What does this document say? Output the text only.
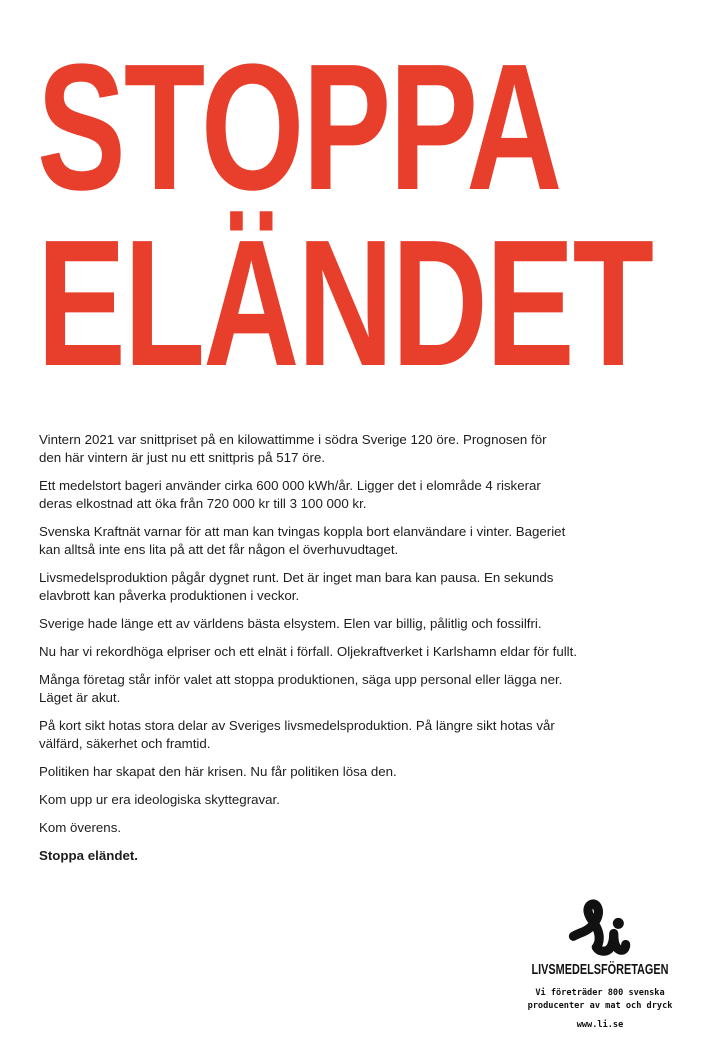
STOPPA
ELÄNDET

Vintern 2021 var snittpriset på en kilowattimme i södra Sverige 120 öre. Prognosen för
den här vintern är just nu ett snittpris på 517 öre.

Ett medelstort bageri använder cirka 600 000 kWh/år. Ligger det i elområde 4 riskerar
deras elkostnad att öka från 720 000 kr till 3 100 000 kr.

Svenska Kraftnät varnar för att man kan tvingas koppla bort elanvändare i vinter. Bageriet
kan alltså inte ens lita på att det får någon el överhuvudtaget.

Livsmedelsproduktion pågår dygnet runt. Det är inget man bara kan pausa. En sekunds
elavbrott kan påverka produktionen i veckor.

Sverige hade länge ett av världens bästa elsystem. Elen var billig, pålitlig och fossilfri.

Nu har vi rekordhöga elpriser och ett elnät i förfall. Oljekraftverket i Karlshamn eldar för fullt.

Många företag står inför valet att stoppa produktionen, säga upp personal eller lägga ner.
Läget är akut.

På kort sikt hotas stora delar av Sveriges livsmedelsproduktion. På längre sikt hotas vår
välfärd, säkerhet och framtid.

Politiken har skapat den här krisen. Nu får politiken lösa den.

Kom upp ur era ideologiska skyttegravar.

Kom överens.

Stoppa eländet.

LIVSMEDELSFÖRETAGEN
Vi företräder 800 svenska
producenter av mat och dryck
www.li.se
